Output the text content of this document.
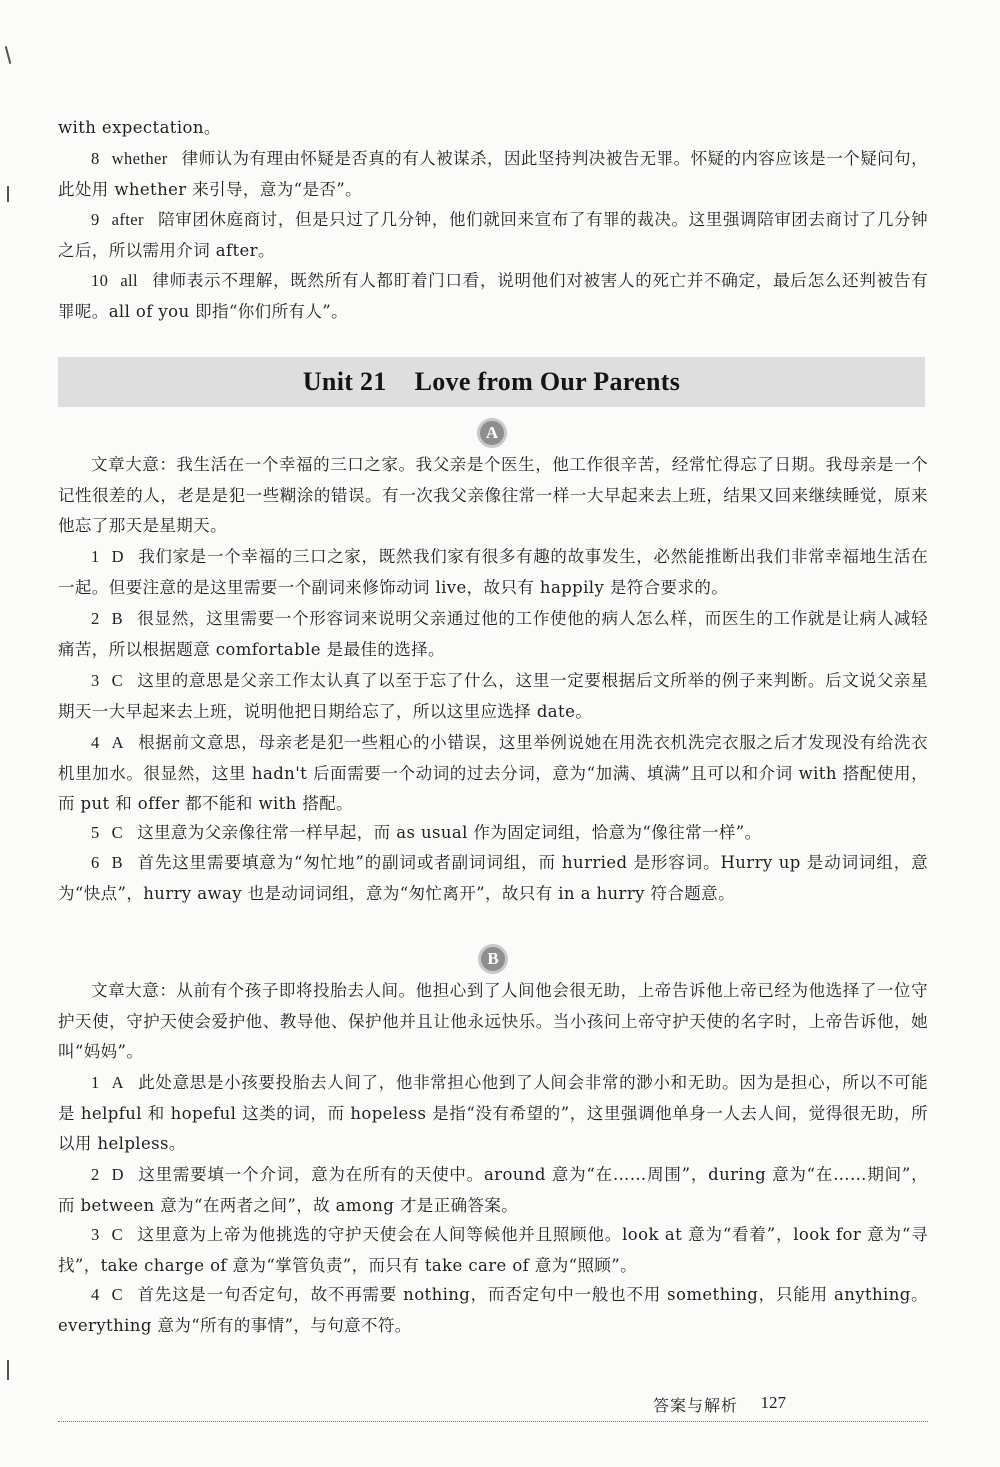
with expectation。

8 whether 律师认为有理由怀疑是否真的有人被谋杀，因此坚持判决被告无罪。怀疑的内容应该是一个疑问句，此处用 whether 来引导，意为“是否”。

9 after 陪审团休庭商讨，但是只过了几分钟，他们就回来宣布了有罪的裁决。这里强调陪审团去商讨了几分钟之后，所以需用介词 after。

10 all 律师表示不理解，既然所有人都盯着门口看，说明他们对被害人的死亡并不确定，最后怎么还判被告有罪呢。all of you 即指“你们所有人”。

Unit 21 Love from Our Parents
A

文章大意：我生活在一个幸福的三口之家。我父亲是个医生，他工作很辛苦，经常忙得忘了日期。我母亲是一个记性很差的人，老是是犯一些糊涂的错误。有一次我父亲像往常一样一大早起来去上班，结果又回来继续睡觉，原来他忘了那天是星期天。

1 D 我们家是一个幸福的三口之家，既然我们家有很多有趣的故事发生，必然能推断出我们非常幸福地生活在一起。但要注意的是这里需要一个副词来修饰动词 live，故只有 happily 是符合要求的。

2 B 很显然，这里需要一个形容词来说明父亲通过他的工作使他的病人怎么样，而医生的工作就是让病人减轻痛苦，所以根据题意 comfortable 是最佳的选择。

3 C 这里的意思是父亲工作太认真了以至于忘了什么，这里一定要根据后文所举的例子来判断。后文说父亲星期天一大早起来去上班，说明他把日期给忘了，所以这里应选择 date。

4 A 根据前文意思，母亲老是犯一些粗心的小错误，这里举例说她在用洗衣机洗完衣服之后才发现没有给洗衣机里加水。很显然，这里 hadn't 后面需要一个动词的过去分词，意为“加满、填满”且可以和介词 with 搭配使用，而 put 和 offer 都不能和 with 搭配。

5 C 这里意为父亲像往常一样早起，而 as usual 作为固定词组，恰意为“像往常一样”。

6 B 首先这里需要填意为“匆忙地”的副词或者副词词组，而 hurried 是形容词。Hurry up 是动词词组，意为“快点”，hurry away 也是动词词组，意为“匆忙离开”，故只有 in a hurry 符合题意。

B

文章大意：从前有个孩子即将投胎去人间。他担心到了人间他会很无助，上帝告诉他上帝已经为他选择了一位守护天使，守护天使会爱护他、教导他、保护他并且让他永远快乐。当小孩问上帝守护天使的名字时，上帝告诉他，她叫“妈妈”。

1 A 此处意思是小孩要投胎去人间了，他非常担心他到了人间会非常的渺小和无助。因为是担心，所以不可能是 helpful 和 hopeful 这类的词，而 hopeless 是指“没有希望的”，这里强调他单身一人去人间，觉得很无助，所以用 helpless。

2 D 这里需要填一个介词，意为在所有的天使中。around 意为“在……周围”，during 意为“在……期间”，而 between 意为“在两者之间”，故 among 才是正确答案。

3 C 这里意为上帝为他挑选的守护天使会在人间等候他并且照顾他。look at 意为“看着”，look for 意为“寻找”，take charge of 意为“掌管负责”，而只有 take care of 意为“照顾”。

4 C 首先这是一句否定句，故不再需要 nothing，而否定句中一般也不用 something，只能用 anything。everything 意为“所有的事情”，与句意不符。

答案与解析 127
